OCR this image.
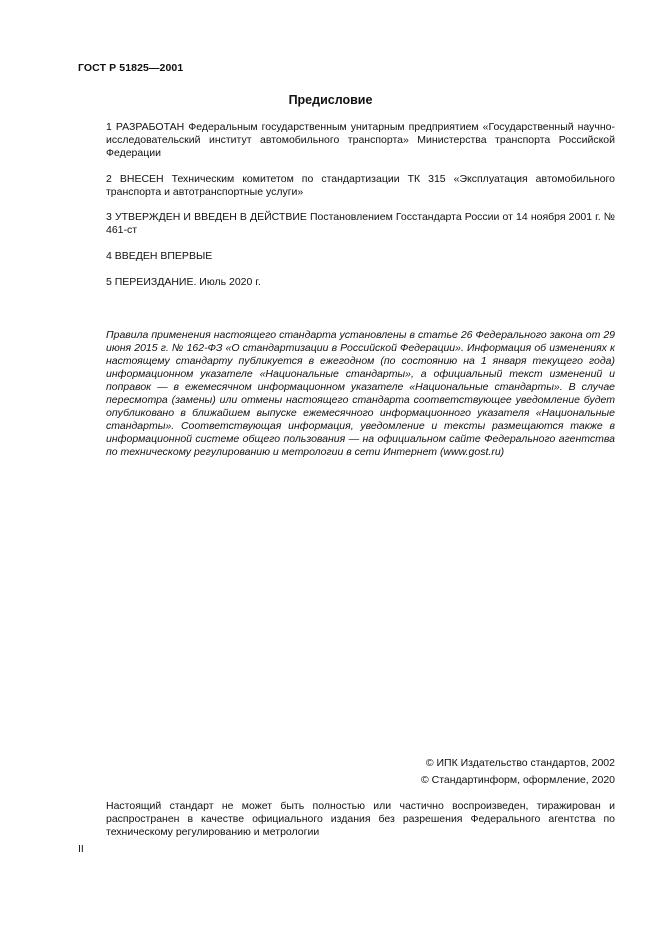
ГОСТ Р 51825—2001
Предисловие
1 РАЗРАБОТАН Федеральным государственным унитарным предприятием «Государственный научно-исследовательский институт автомобильного транспорта» Министерства транспорта Российской Федерации
2 ВНЕСЕН Техническим комитетом по стандартизации ТК 315 «Эксплуатация автомобильного транспорта и автотранспортные услуги»
3 УТВЕРЖДЕН И ВВЕДЕН В ДЕЙСТВИЕ Постановлением Госстандарта России от 14 ноября 2001 г. № 461-ст
4 ВВЕДЕН ВПЕРВЫЕ
5 ПЕРЕИЗДАНИЕ. Июль 2020 г.
Правила применения настоящего стандарта установлены в статье 26 Федерального закона от 29 июня 2015 г. № 162-ФЗ «О стандартизации в Российской Федерации». Информация об изменениях к настоящему стандарту публикуется в ежегодном (по состоянию на 1 января текущего года) информационном указателе «Национальные стандарты», а официальный текст изменений и поправок — в ежемесячном информационном указателе «Национальные стандарты». В случае пересмотра (замены) или отмены настоящего стандарта соответствующее уведомление будет опубликовано в ближайшем выпуске ежемесячного информационного указателя «Национальные стандарты». Соответствующая информация, уведомление и тексты размещаются также в информационной системе общего пользования — на официальном сайте Федерального агентства по техническому регулированию и метрологии в сети Интернет (www.gost.ru)
© ИПК Издательство стандартов, 2002
© Стандартинформ, оформление, 2020
Настоящий стандарт не может быть полностью или частично воспроизведен, тиражирован и распространен в качестве официального издания без разрешения Федерального агентства по техническому регулированию и метрологии
II
